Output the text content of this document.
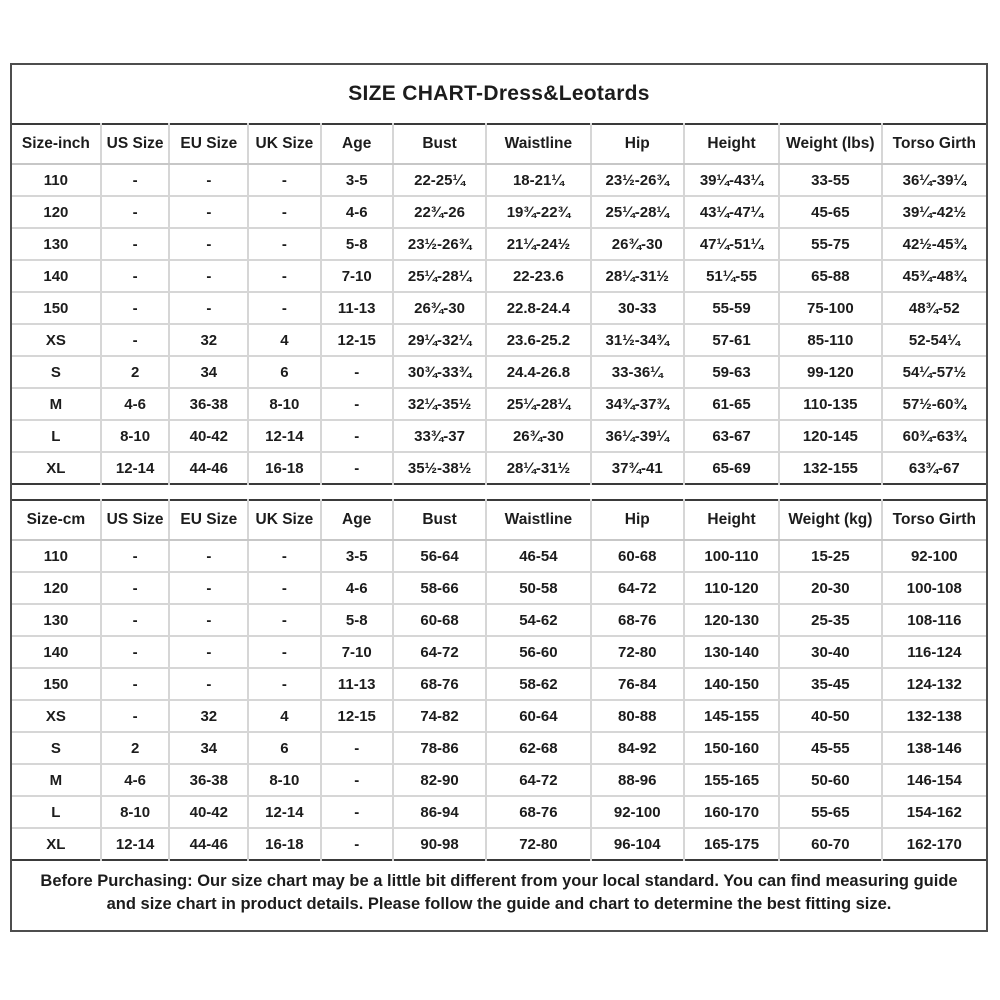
SIZE CHART-Dress&Leotards
Size-inch	US Size	EU Size	UK Size	Age	Bust	Waistline	Hip	Height	Weight (lbs)	Torso Girth
110	-	-	-	3-5	22-25¼	18-21¼	23½-26¾	39¼-43¼	33-55	36¼-39¼
120	-	-	-	4-6	22¾-26	19¾-22¾	25¼-28¼	43¼-47¼	45-65	39¼-42½
130	-	-	-	5-8	23½-26¾	21¼-24½	26¾-30	47¼-51¼	55-75	42½-45¾
140	-	-	-	7-10	25¼-28¼	22-23.6	28¼-31½	51¼-55	65-88	45¾-48¾
150	-	-	-	11-13	26¾-30	22.8-24.4	30-33	55-59	75-100	48¾-52
XS	-	32	4	12-15	29¼-32¼	23.6-25.2	31½-34¾	57-61	85-110	52-54¼
S	2	34	6	-	30¾-33¾	24.4-26.8	33-36¼	59-63	99-120	54¼-57½
M	4-6	36-38	8-10	-	32¼-35½	25¼-28¼	34¾-37¾	61-65	110-135	57½-60¾
L	8-10	40-42	12-14	-	33¾-37	26¾-30	36¼-39¼	63-67	120-145	60¾-63¾
XL	12-14	44-46	16-18	-	35½-38½	28¼-31½	37¾-41	65-69	132-155	63¾-67
Size-cm	US Size	EU Size	UK Size	Age	Bust	Waistline	Hip	Height	Weight (kg)	Torso Girth
110	-	-	-	3-5	56-64	46-54	60-68	100-110	15-25	92-100
120	-	-	-	4-6	58-66	50-58	64-72	110-120	20-30	100-108
130	-	-	-	5-8	60-68	54-62	68-76	120-130	25-35	108-116
140	-	-	-	7-10	64-72	56-60	72-80	130-140	30-40	116-124
150	-	-	-	11-13	68-76	58-62	76-84	140-150	35-45	124-132
XS	-	32	4	12-15	74-82	60-64	80-88	145-155	40-50	132-138
S	2	34	6	-	78-86	62-68	84-92	150-160	45-55	138-146
M	4-6	36-38	8-10	-	82-90	64-72	88-96	155-165	50-60	146-154
L	8-10	40-42	12-14	-	86-94	68-76	92-100	160-170	55-65	154-162
XL	12-14	44-46	16-18	-	90-98	72-80	96-104	165-175	60-70	162-170
Before Purchasing: Our size chart may be a little bit different from your local standard. You can find measuring guide and size chart in product details. Please follow the guide and chart to determine the best fitting size.
